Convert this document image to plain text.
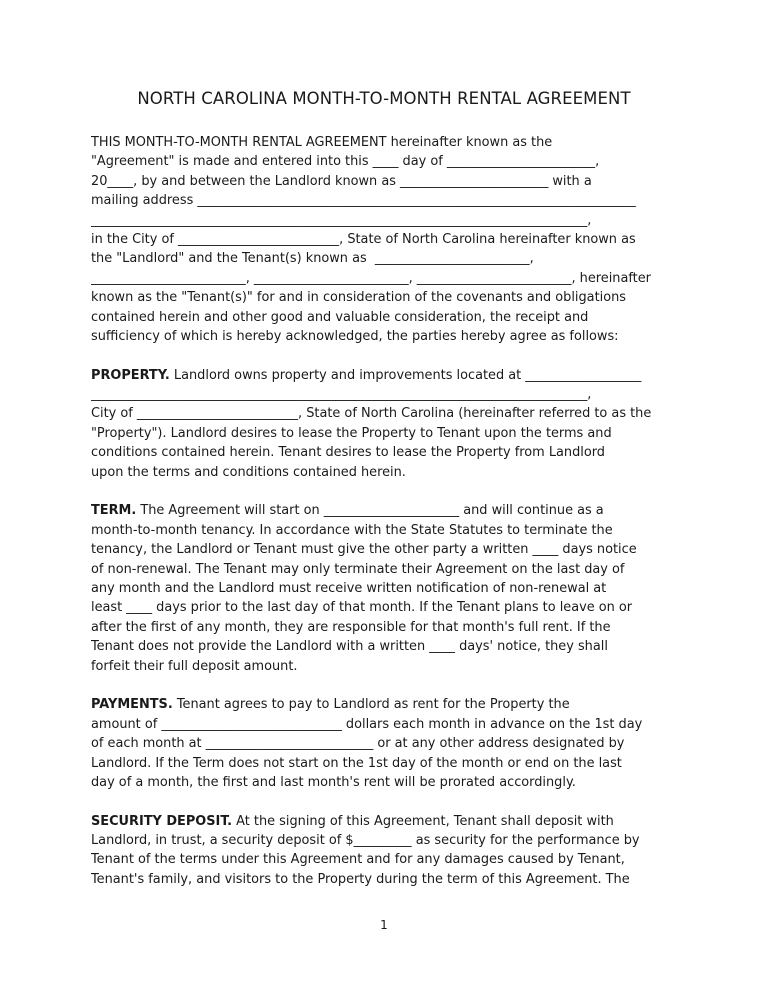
NORTH CAROLINA MONTH-TO-MONTH RENTAL AGREEMENT
THIS MONTH-TO-MONTH RENTAL AGREEMENT hereinafter known as the
"Agreement" is made and entered into this ____ day of _______________________,
20____, by and between the Landlord known as _______________________ with a
mailing address ____________________________________________________________________
_____________________________________________________________________________,
in the City of _________________________, State of North Carolina hereinafter known as
the "Landlord" and the Tenant(s) known as  ________________________,
________________________, ________________________, ________________________, hereinafter
known as the "Tenant(s)" for and in consideration of the covenants and obligations
contained herein and other good and valuable consideration, the receipt and
sufficiency of which is hereby acknowledged, the parties hereby agree as follows:
PROPERTY. Landlord owns property and improvements located at __________________
_____________________________________________________________________________,
City of _________________________, State of North Carolina (hereinafter referred to as the
"Property"). Landlord desires to lease the Property to Tenant upon the terms and
conditions contained herein. Tenant desires to lease the Property from Landlord
upon the terms and conditions contained herein.
TERM. The Agreement will start on _____________________ and will continue as a
month-to-month tenancy. In accordance with the State Statutes to terminate the
tenancy, the Landlord or Tenant must give the other party a written ____ days notice
of non-renewal. The Tenant may only terminate their Agreement on the last day of
any month and the Landlord must receive written notification of non-renewal at
least ____ days prior to the last day of that month. If the Tenant plans to leave on or
after the first of any month, they are responsible for that month's full rent. If the
Tenant does not provide the Landlord with a written ____ days' notice, they shall
forfeit their full deposit amount.
PAYMENTS. Tenant agrees to pay to Landlord as rent for the Property the
amount of ____________________________ dollars each month in advance on the 1st day
of each month at __________________________ or at any other address designated by
Landlord. If the Term does not start on the 1st day of the month or end on the last
day of a month, the first and last month's rent will be prorated accordingly.
SECURITY DEPOSIT. At the signing of this Agreement, Tenant shall deposit with
Landlord, in trust, a security deposit of $_________ as security for the performance by
Tenant of the terms under this Agreement and for any damages caused by Tenant,
Tenant's family, and visitors to the Property during the term of this Agreement. The
1
